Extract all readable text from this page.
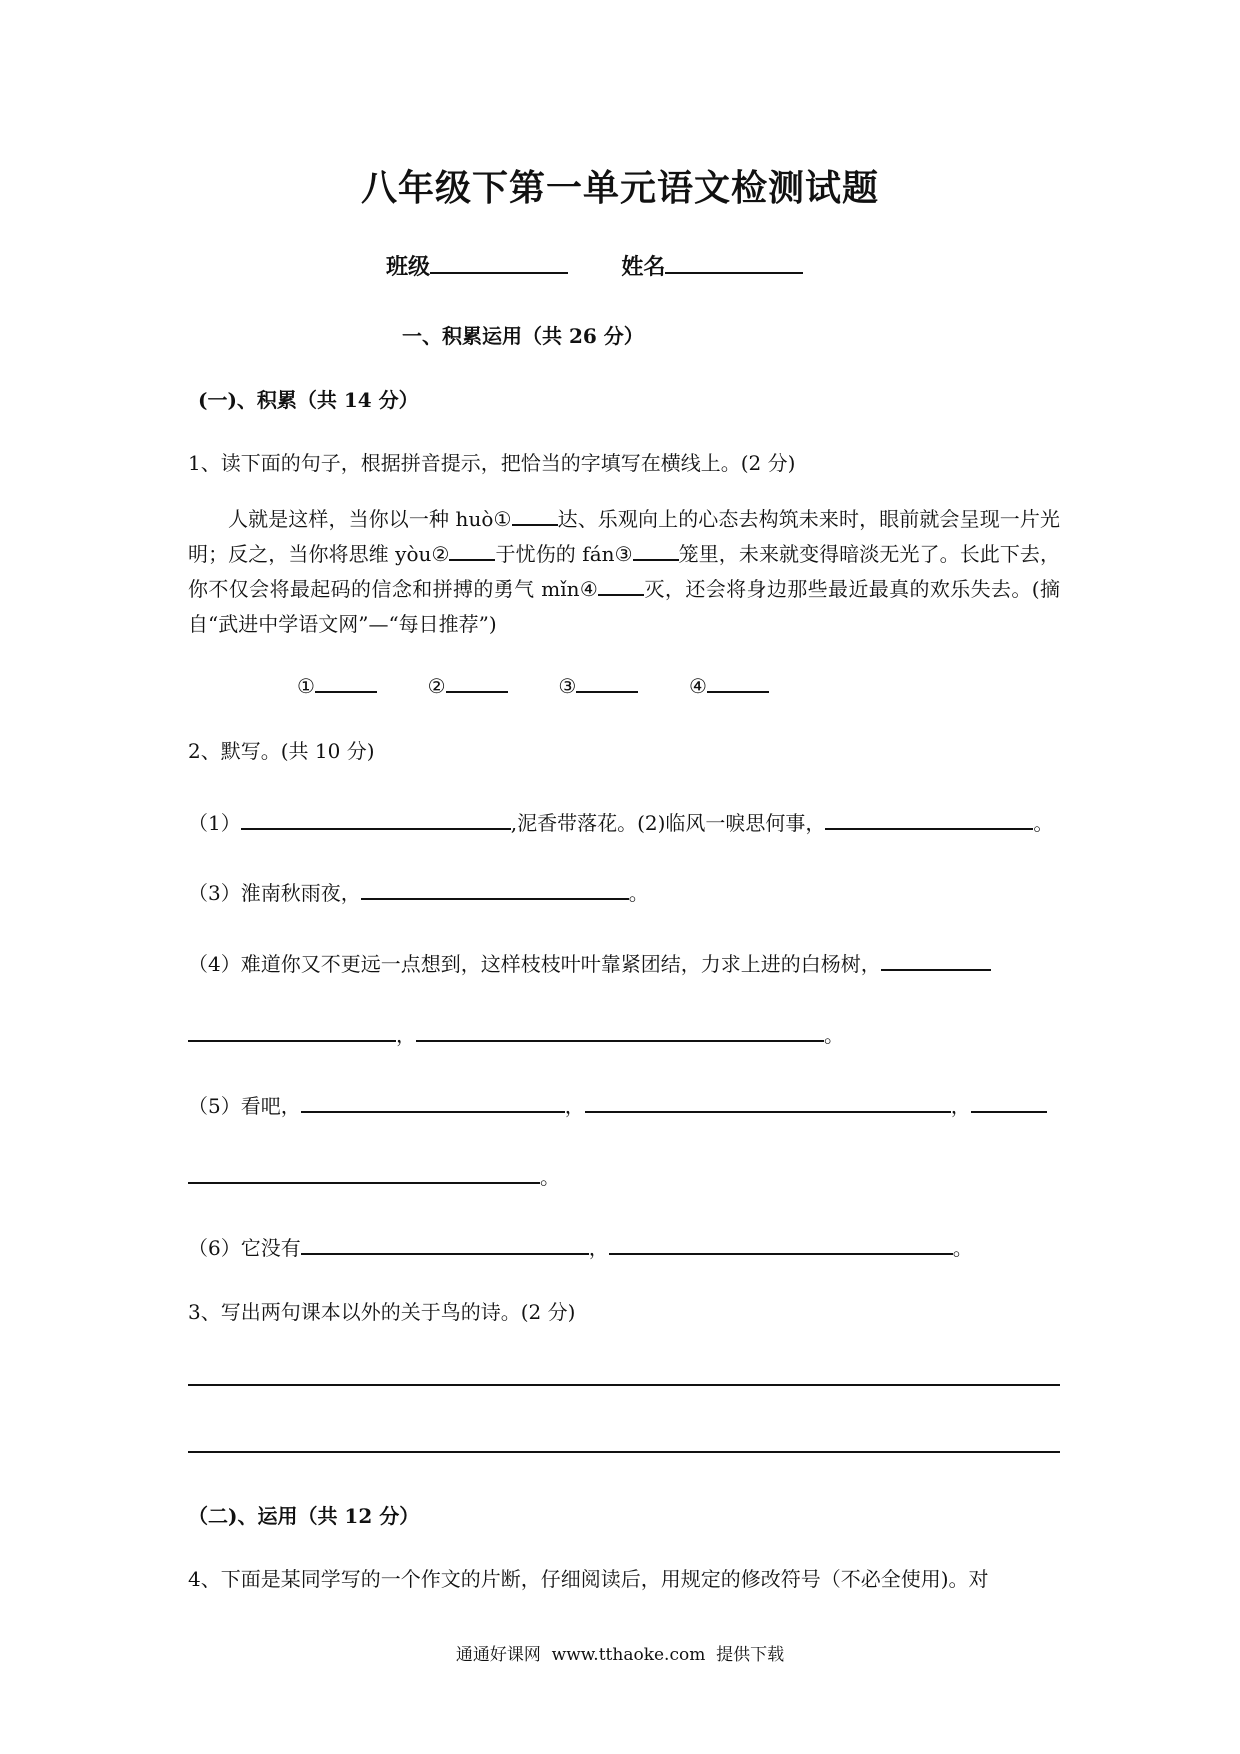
八年级下第一单元语文检测试题
班级	姓名
一、积累运用（共 26 分）
(一)、积累（共 14 分）
1、读下面的句子，根据拼音提示，把恰当的字填写在横线上。(2 分)
人就是这样，当你以一种 huò① 达、乐观向上的心态去构筑未来时，眼前就会呈现一片光明；反之，当你将思维 yòu② 于忧伤的 fán③ 笼里，未来就变得暗淡无光了。长此下去，你不仅会将最起码的信念和拼搏的勇气 mǐn④ 灭，还会将身边那些最近最真的欢乐失去。(摘自“武进中学语文网”—“每日推荐”)
①	②	③	④
2、默写。(共 10 分)
（1）	,泥香带落花。(2)临风一唳思何事，	。
（3）淮南秋雨夜，	。
（4）难道你又不更远一点想到，这样枝枝叶叶靠紧团结，力求上进的白杨树，
，	。
（5）看吧，	，	，
。
（6）它没有	，	。
3、写出两句课本以外的关于鸟的诗。(2 分)
（二)、运用（共 12 分）
4、下面是某同学写的一个作文的片断，仔细阅读后，用规定的修改符号（不必全使用)。对
通通好课网  www.tthaoke.com  提供下载
